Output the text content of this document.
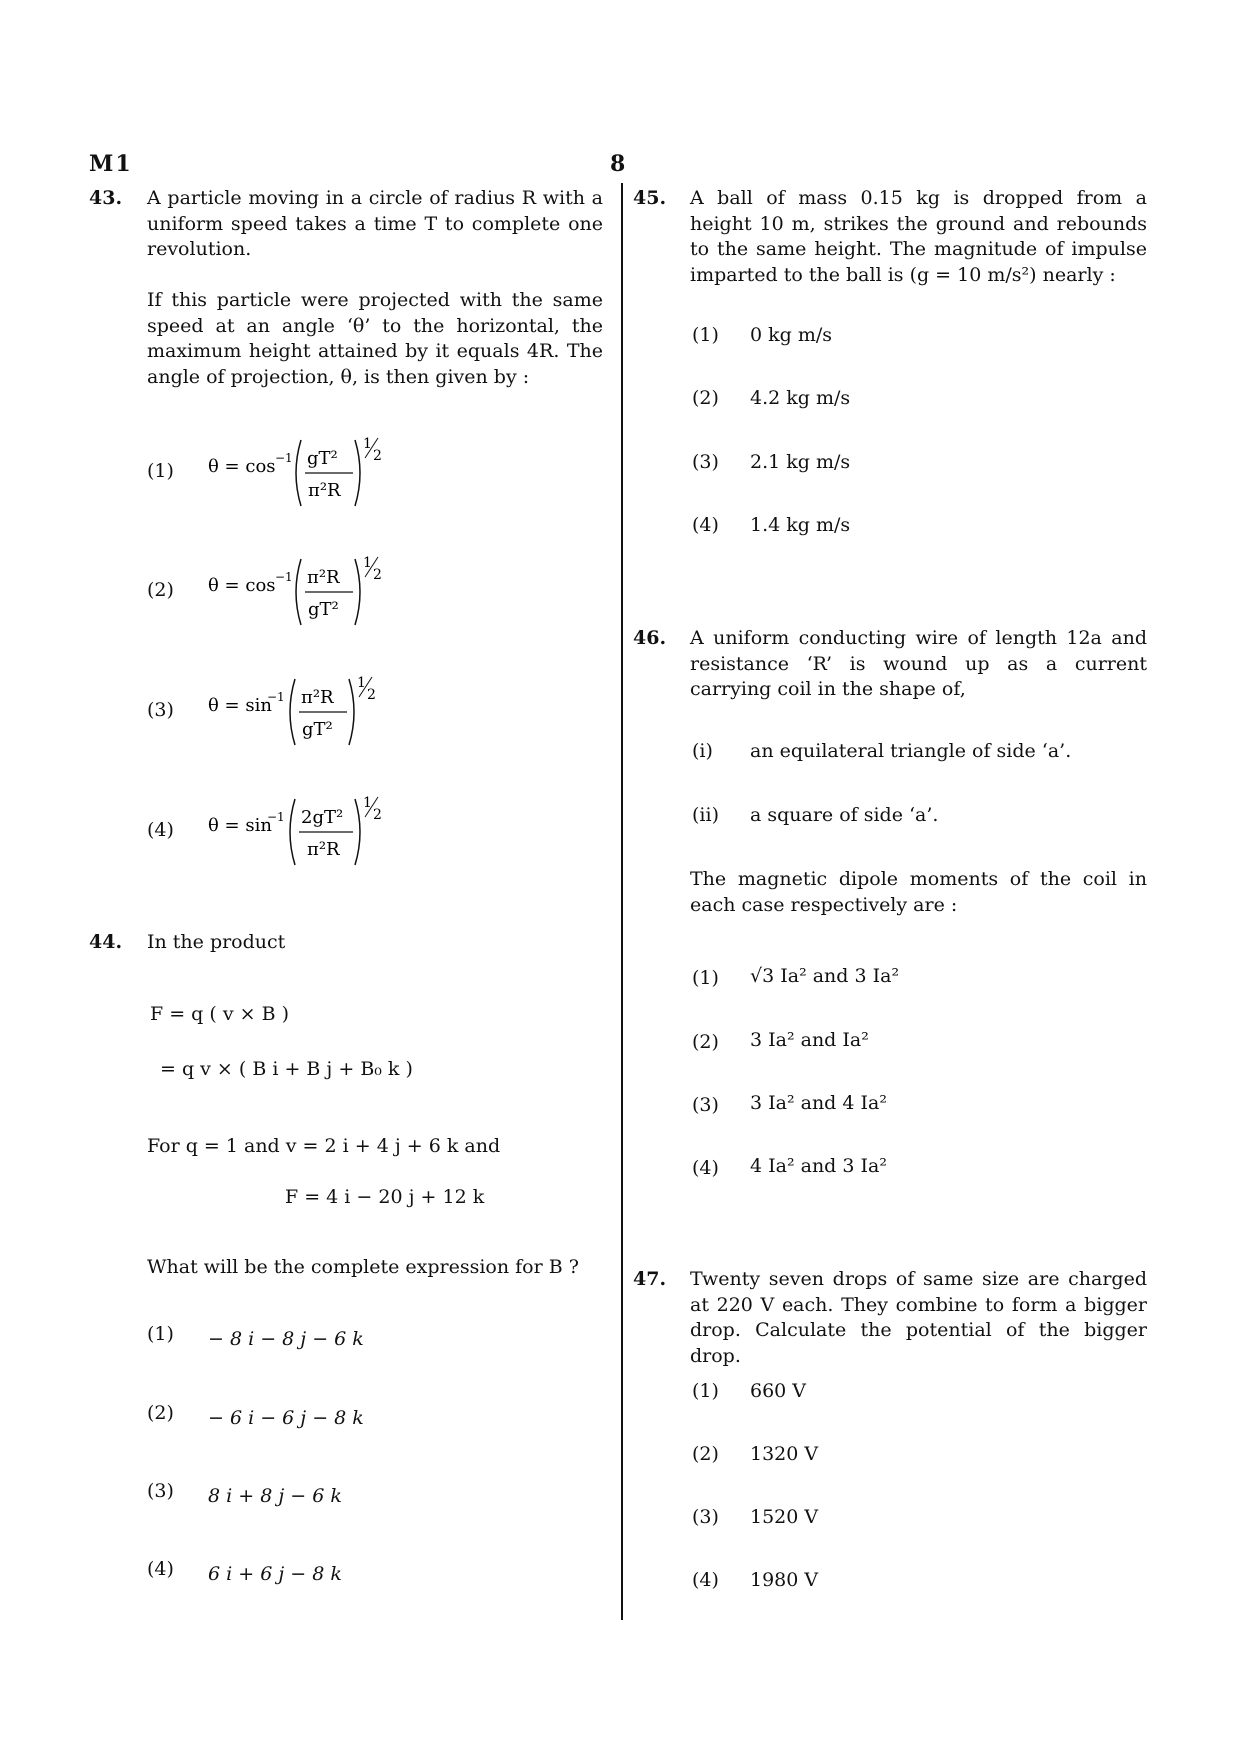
M1	8
43. A particle moving in a circle of radius R with a uniform speed takes a time T to complete one revolution.
If this particle were projected with the same speed at an angle ‘θ’ to the horizontal, the maximum height attained by it equals 4R. The angle of projection, θ, is then given by :
(1) θ = cos −1 gT²
π²R
1
2
(2) θ = cos −1 π²R
gT²
1
2
(3) θ = sin
−1 π²R
gT²
1
2
(4) θ = sin
−1 2gT²
π²R
1
2
44. In the product
F = q ( v × B )
= q v × ( B i + B j + B₀ k )
For q = 1 and v = 2 i + 4 j + 6 k and
F = 4 i − 20 j + 12 k
What will be the complete expression for B ?
(1) − 8 i − 8 j − 6 k
(2) − 6 i − 6 j − 8 k
(3) 8 i + 8 j − 6 k
(4) 6 i + 6 j − 8 k
45. A ball of mass 0.15 kg is dropped from a height 10 m, strikes the ground and rebounds to the same height. The magnitude of impulse imparted to the ball is (g = 10 m/s²) nearly :
(1) 0 kg m/s
(2) 4.2 kg m/s
(3) 2.1 kg m/s
(4) 1.4 kg m/s
46. A uniform conducting wire of length 12a and resistance ‘R’ is wound up as a current carrying coil in the shape of,
(i) an equilateral triangle of side ‘a’.
(ii) a square of side ‘a’.
The magnetic dipole moments of the coil in each case respectively are :
(1) √3 Ia² and 3 Ia²
(2) 3 Ia² and Ia²
(3) 3 Ia² and 4 Ia²
(4) 4 Ia² and 3 Ia²
47. Twenty seven drops of same size are charged at 220 V each. They combine to form a bigger drop. Calculate the potential of the bigger drop.
(1) 660 V
(2) 1320 V
(3) 1520 V
(4) 1980 V
